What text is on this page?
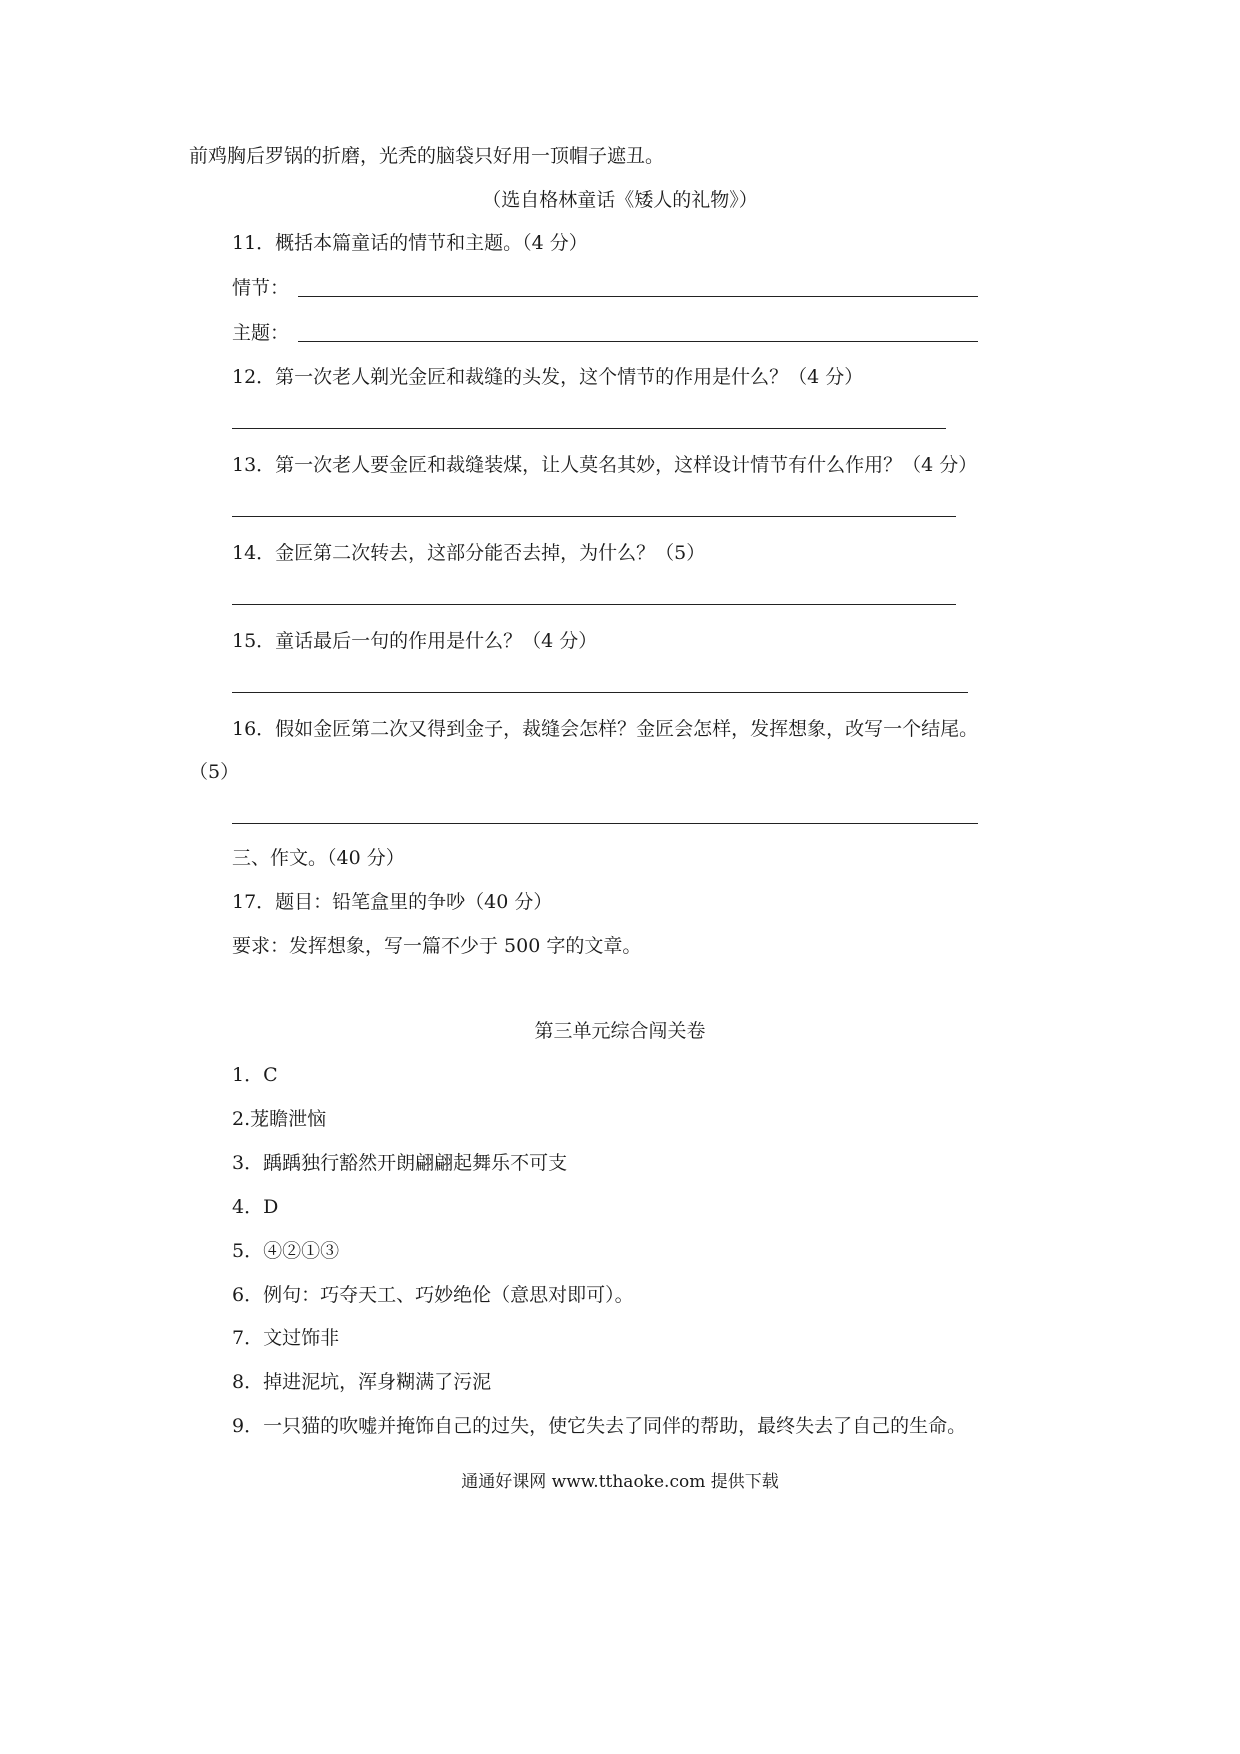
前鸡胸后罗锅的折磨，光秃的脑袋只好用一顶帽子遮丑。
（选自格林童话《矮人的礼物》）
11．概括本篇童话的情节和主题。（4 分）
情节：
主题：
12．第一次老人剃光金匠和裁缝的头发，这个情节的作用是什么？（4 分）
13．第一次老人要金匠和裁缝装煤，让人莫名其妙，这样设计情节有什么作用？（4 分）
14．金匠第二次转去，这部分能否去掉，为什么？（5）
15．童话最后一句的作用是什么？（4 分）
16．假如金匠第二次又得到金子，裁缝会怎样？金匠会怎样，发挥想象，改写一个结尾。
（5）
三、作文。（40 分）
17．题目：铅笔盒里的争吵（40 分）
要求：发挥想象，写一篇不少于 500 字的文章。
第三单元综合闯关卷
1．C
2.茏瞻泄恼
3．踽踽独行豁然开朗翩翩起舞乐不可支
4．D
5．④②①③
6．例句：巧夺天工、巧妙绝伦（意思对即可）。
7．文过饰非
8．掉进泥坑，浑身糊满了污泥
9．一只猫的吹嘘并掩饰自己的过失，使它失去了同伴的帮助，最终失去了自己的生命。
通通好课网 www.tthaoke.com 提供下载
